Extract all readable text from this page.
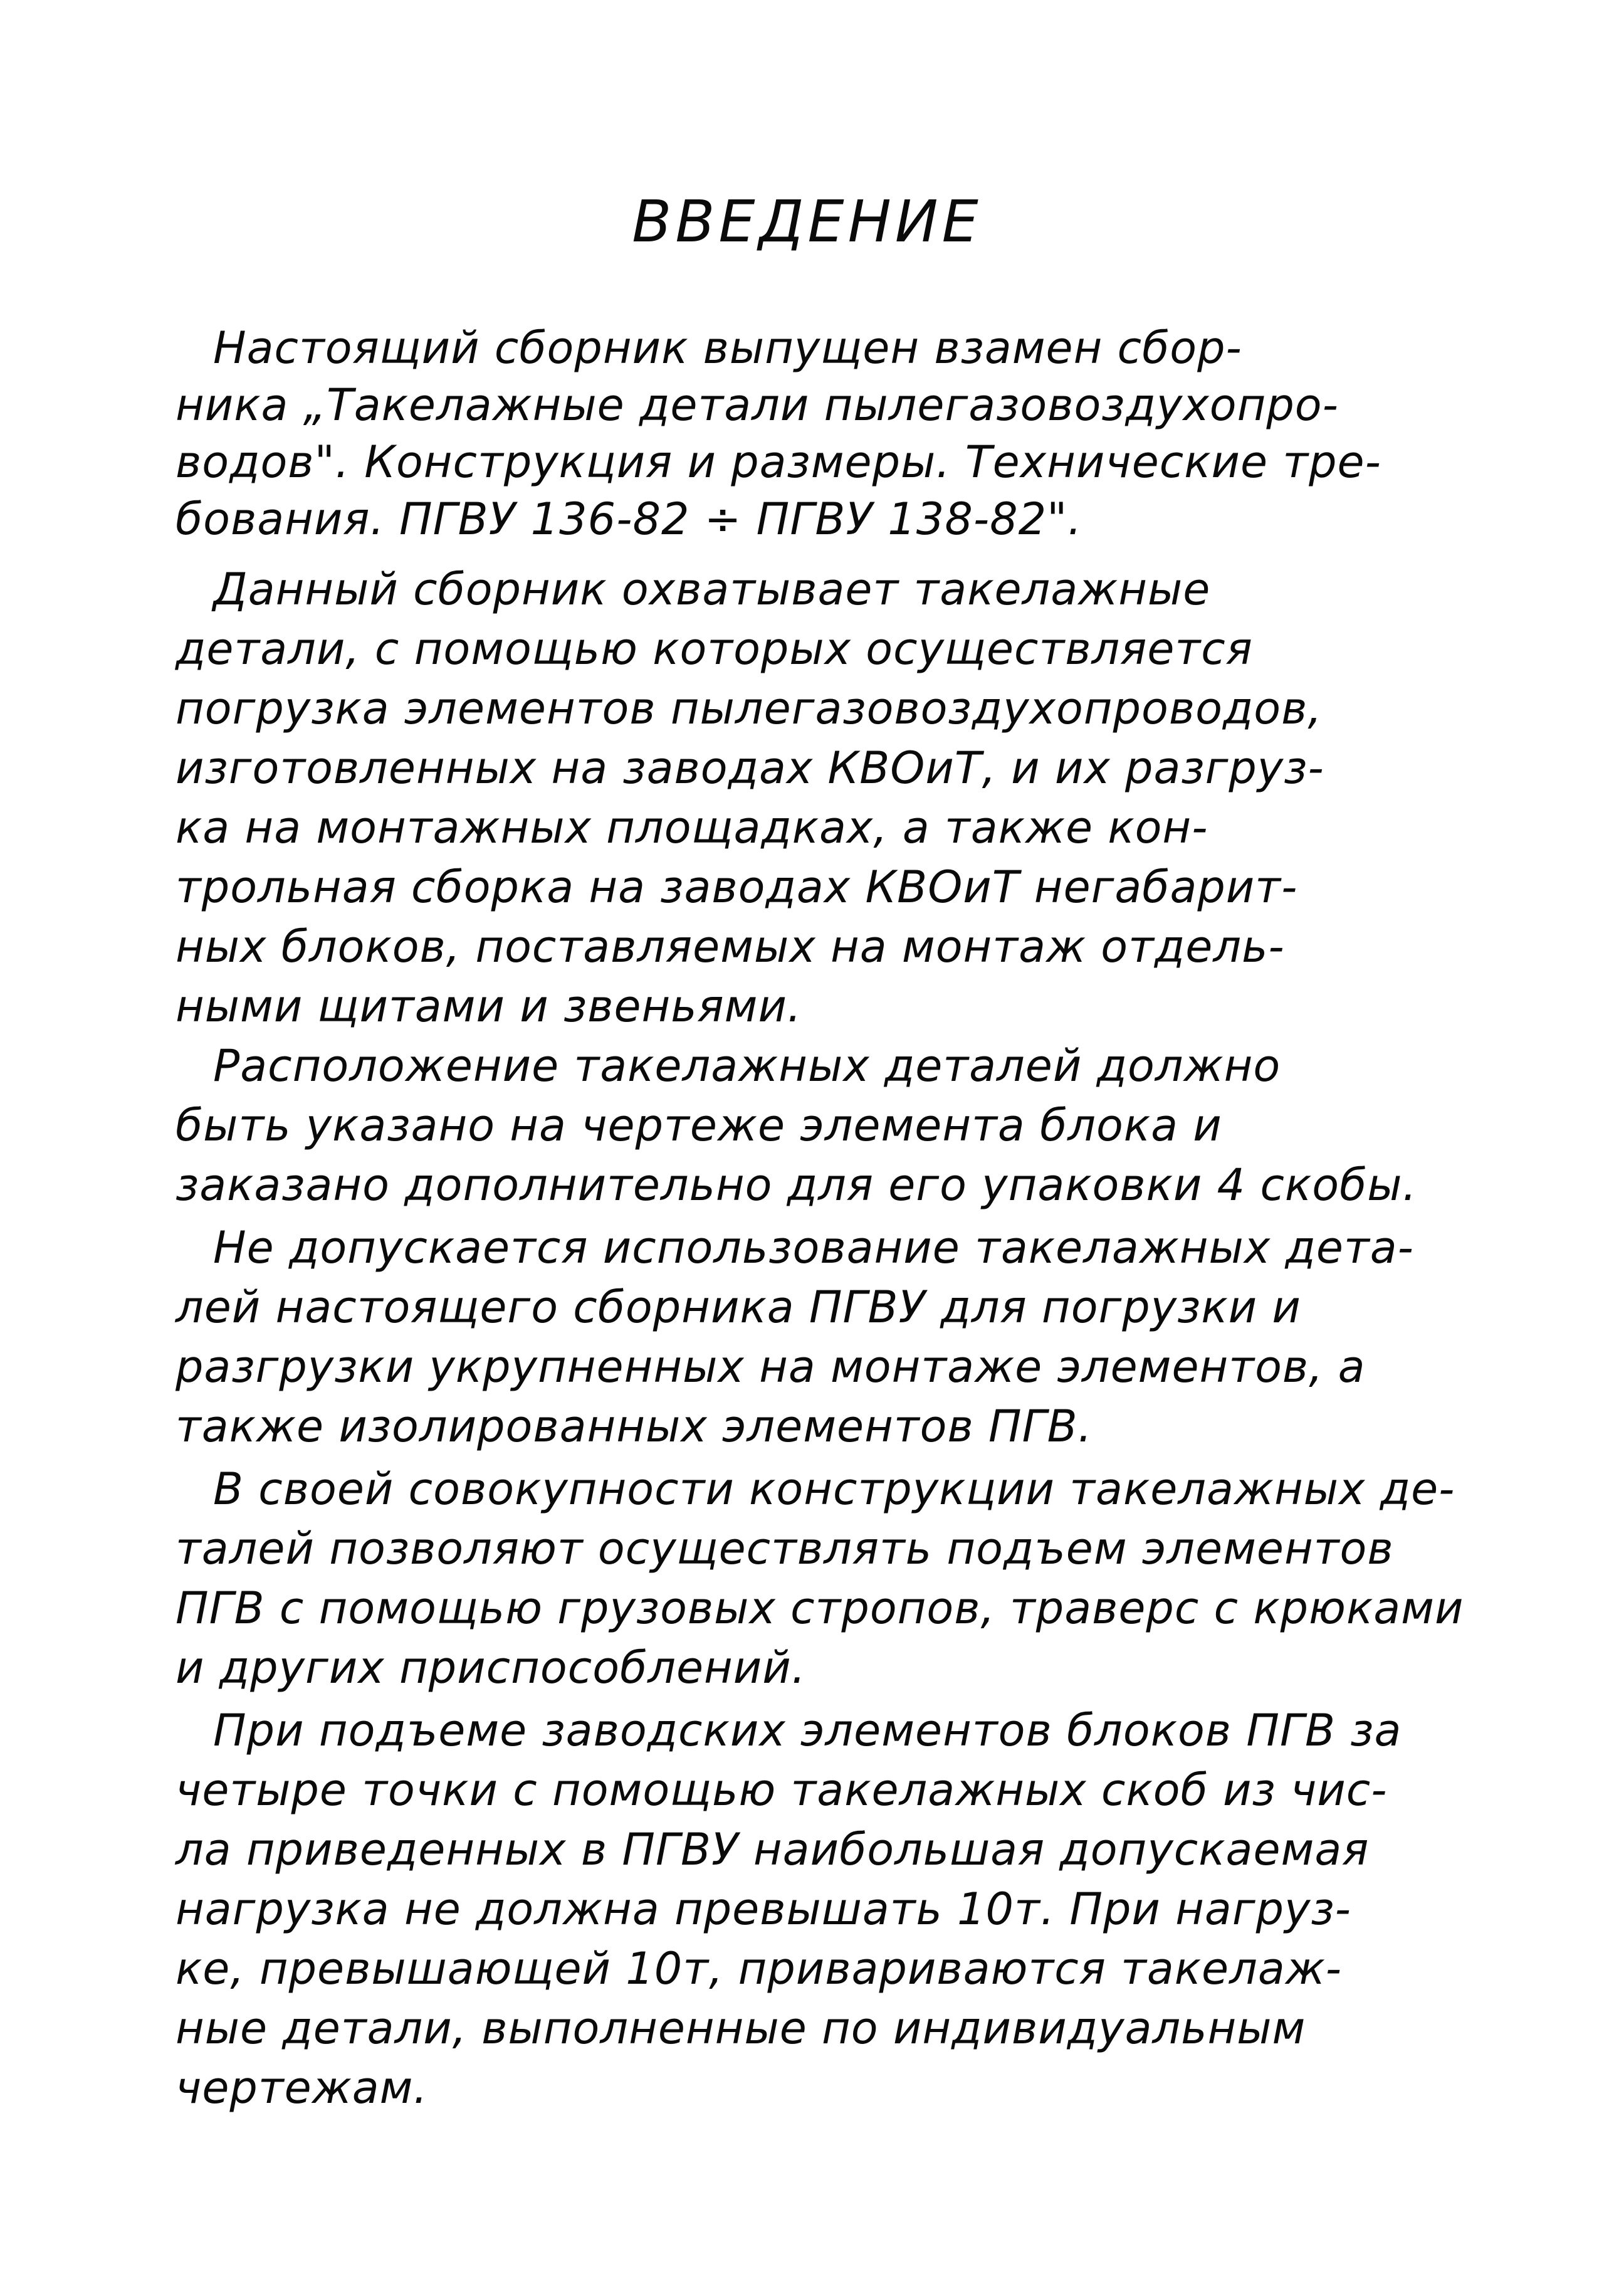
ВВЕДЕНИЕ
Настоящий сборник выпущен взамен сбор-
ника „Такелажные детали пылегазовоздухопро-
водов". Конструкция и размеры. Технические тре-
бования. ПГВУ 136-82 ÷ ПГВУ 138-82".
Данный сборник охватывает такелажные
детали, с помощью которых осуществляется
погрузка элементов пылегазовоздухопроводов,
изготовленных на заводах КВОиТ, и их разгруз-
ка на монтажных площадках, а также кон-
трольная сборка на заводах КВОиТ негабарит-
ных блоков, поставляемых на монтаж отдель-
ными щитами и звеньями.
Расположение такелажных деталей должно
быть указано на чертеже элемента блока и
заказано дополнительно для его упаковки 4 скобы.
Не допускается использование такелажных дета-
лей настоящего сборника ПГВУ для погрузки и
разгрузки укрупненных на монтаже элементов, а
также изолированных элементов ПГВ.
В своей совокупности конструкции такелажных де-
талей позволяют осуществлять подъем элементов
ПГВ с помощью грузовых стропов, траверс с крюками
и других приспособлений.
При подъеме заводских элементов блоков ПГВ за
четыре точки с помощью такелажных скоб из чис-
ла приведенных в ПГВУ наибольшая допускаемая
нагрузка не должна превышать 10т. При нагруз-
ке, превышающей 10т, привариваются такелаж-
ные детали, выполненные по индивидуальным
чертежам.
